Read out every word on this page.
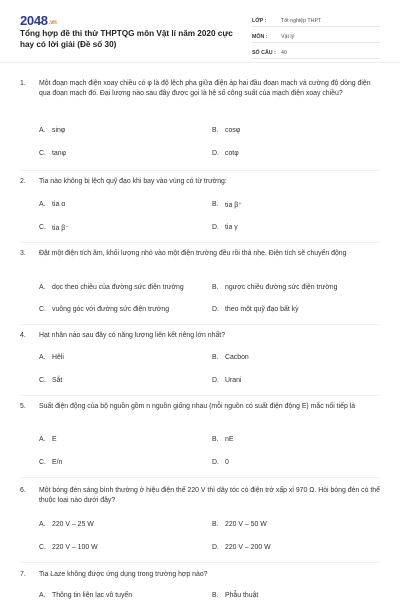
2048.vn
Tổng hợp đề thi thử THPTQG môn Vật lí năm 2020 cực hay có lời giải (Đề số 30)
LỚP :	Tốt nghiệp THPT
MÔN :	Vật lý
SỐ CÂU : 40
1.	Một đoạn mạch điện xoay chiều có φ là độ lệch pha giữa điện áp hai đầu đoạn mạch và cường độ dòng điện qua đoạn mạch đó. Đại lượng nào sau đây được gọi là hệ số công suất của mạch điện xoay chiều?
A. sinφ	B. cosφ
C. tanφ	D. cotφ
2.	Tia nào không bị lệch quỹ đạo khi bay vào vùng có từ trường:
A. tia α	B. tia β⁺
C. tia β⁻	D. tia γ
3.	Đặt một điện tích âm, khối lượng nhỏ vào một điện trường đều rồi thả nhẹ. Điện tích sẽ chuyển động
A. dọc theo chiều của đường sức điện trường	B. ngược chiều đường sức điện trường
C. vuông góc với đường sức điện trường	D. theo một quỹ đạo bất kỳ
4.	Hạt nhân nào sau đây có năng lượng liên kết riêng lớn nhất?
A. Hêli	B. Cacbon
C. Sắt	D. Urani
5.	Suất điện động của bộ nguồn gồm n nguồn giống nhau (mỗi nguồn có suất điện động E) mắc nối tiếp là
A. E	B. nE
C. E/n	D. 0
6.	Một bóng đèn sáng bình thường ở hiệu điện thế 220 V thì dây tóc có điện trở xấp xỉ 970 Ω. Hỏi bóng đèn có thể thuộc loại nào dưới đây?
A. 220 V – 25 W	B. 220 V – 50 W
C. 220 V – 100 W	D. 220 V – 200 W
7.	Tia Laze không được ứng dụng trong trường hợp nào?
A. Thông tin liên lạc vô tuyến	B. Phẫu thuật
